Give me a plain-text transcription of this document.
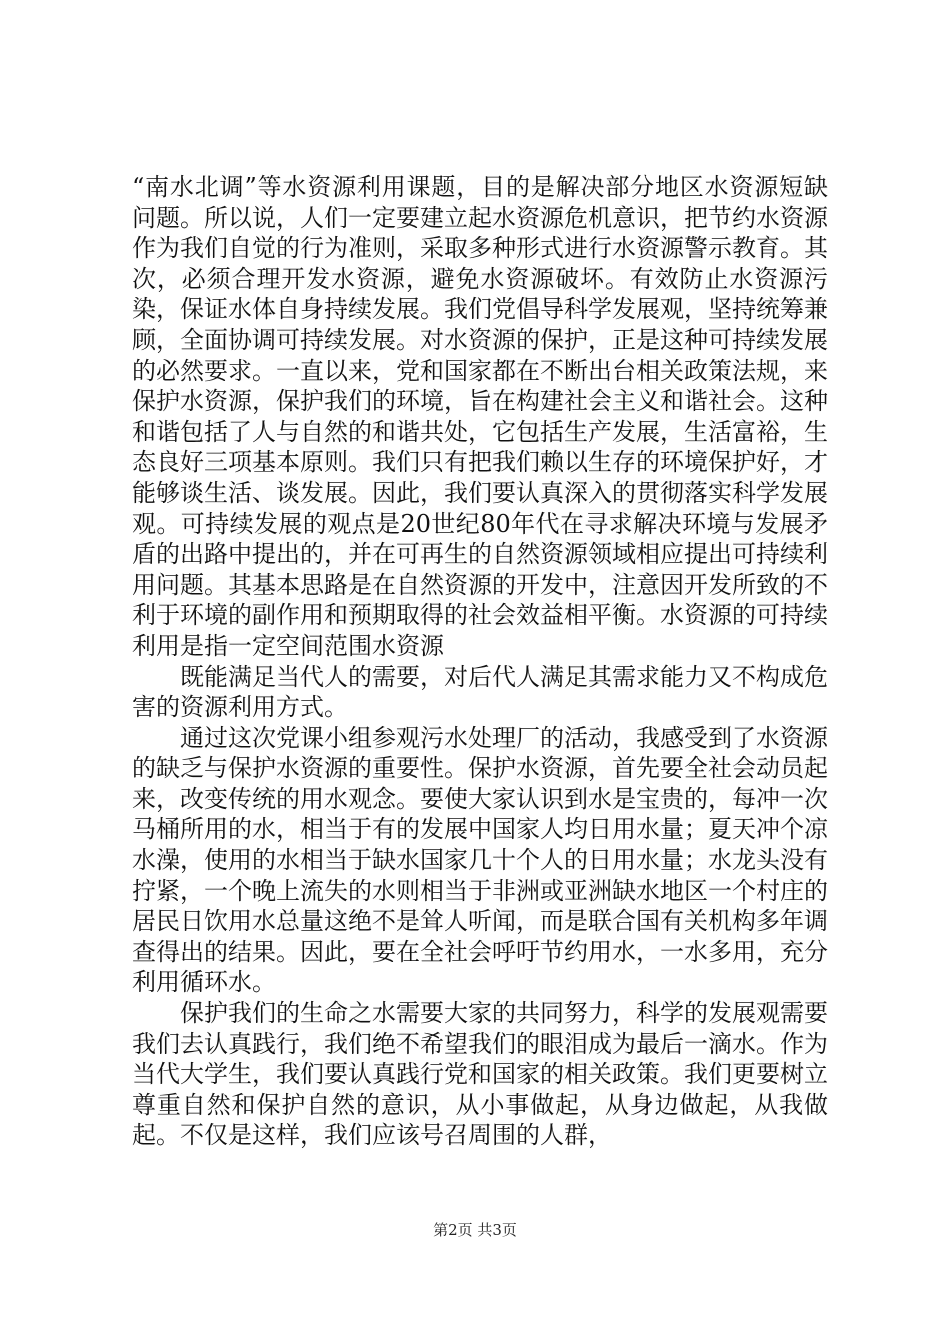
“南水北调”等水资源利用课题，目的是解决部分地区水资源短缺问题。所以说，人们一定要建立起水资源危机意识，把节约水资源作为我们自觉的行为准则，采取多种形式进行水资源警示教育。其次，必须合理开发水资源，避免水资源破坏。有效防止水资源污染，保证水体自身持续发展。我们党倡导科学发展观，坚持统筹兼顾，全面协调可持续发展。对水资源的保护，正是这种可持续发展的必然要求。一直以来，党和国家都在不断出台相关政策法规，来保护水资源，保护我们的环境，旨在构建社会主义和谐社会。这种和谐包括了人与自然的和谐共处，它包括生产发展，生活富裕，生态良好三项基本原则。我们只有把我们赖以生存的环境保护好，才能够谈生活、谈发展。因此，我们要认真深入的贯彻落实科学发展观。可持续发展的观点是20世纪80年代在寻求解决环境与发展矛盾的出路中提出的，并在可再生的自然资源领域相应提出可持续利用问题。其基本思路是在自然资源的开发中，注意因开发所致的不利于环境的副作用和预期取得的社会效益相平衡。水资源的可持续利用是指一定空间范围水资源

既能满足当代人的需要，对后代人满足其需求能力又不构成危害的资源利用方式。

通过这次党课小组参观污水处理厂的活动，我感受到了水资源的缺乏与保护水资源的重要性。保护水资源，首先要全社会动员起来，改变传统的用水观念。要使大家认识到水是宝贵的，每冲一次马桶所用的水，相当于有的发展中国家人均日用水量；夏天冲个凉水澡，使用的水相当于缺水国家几十个人的日用水量；水龙头没有拧紧，一个晚上流失的水则相当于非洲或亚洲缺水地区一个村庄的居民日饮用水总量这绝不是耸人听闻，而是联合国有关机构多年调查得出的结果。因此，要在全社会呼吁节约用水，一水多用，充分利用循环水。

保护我们的生命之水需要大家的共同努力，科学的发展观需要我们去认真践行，我们绝不希望我们的眼泪成为最后一滴水。作为当代大学生，我们要认真践行党和国家的相关政策。我们更要树立尊重自然和保护自然的意识，从小事做起，从身边做起，从我做起。不仅是这样，我们应该号召周围的人群，

第2页 共3页
